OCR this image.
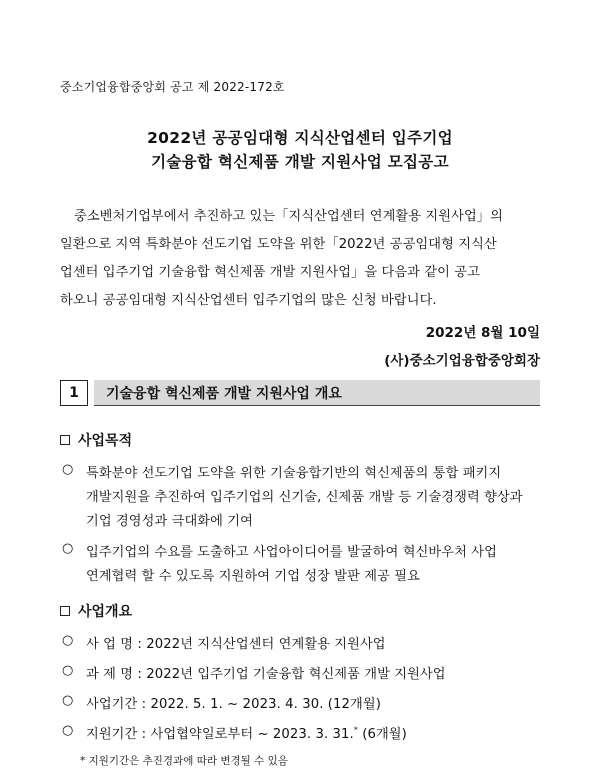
중소기업융합중앙회 공고 제 2022-172호
2022년 공공임대형 지식산업센터 입주기업
기술융합 혁신제품 개발 지원사업 모집공고
중소벤처기업부에서 추진하고 있는「지식산업센터 연계활용 지원사업」의
일환으로 지역 특화분야 선도기업 도약을 위한「2022년 공공임대형 지식산
업센터 입주기업 기술융합 혁신제품 개발 지원사업」을 다음과 같이 공고
하오니 공공임대형 지식산업센터 입주기업의 많은 신청 바랍니다.
2022년 8월 10일
(사)중소기업융합중앙회장
1	기술융합 혁신제품 개발 지원사업 개요
사업목적
○ 특화분야 선도기업 도약을 위한 기술융합기반의 혁신제품의 통합 패키지
개발지원을 추진하여 입주기업의 신기술, 신제품 개발 등 기술경쟁력 향상과
기업 경영성과 극대화에 기여
○ 입주기업의 수요를 도출하고 사업아이디어를 발굴하여 혁신바우처 사업
연계협력 할 수 있도록 지원하여 기업 성장 발판 제공 필요
사업개요
○ 사 업 명 : 2022년 지식산업센터 연계활용 지원사업
○ 과 제 명 : 2022년 입주기업 기술융합 혁신제품 개발 지원사업
○ 사업기간 : 2022. 5. 1. ~ 2023. 4. 30. (12개월)
○ 지원기간 : 사업협약일로부터 ~ 2023. 3. 31.* (6개월)
* 지원기간은 추진경과에 따라 변경될 수 있음
